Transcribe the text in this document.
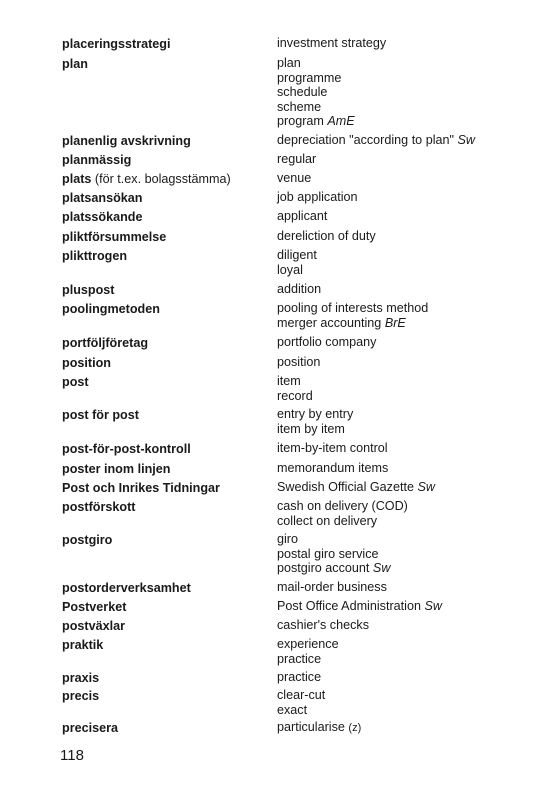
placeringsstrategi	investment strategy
plan	plan
programme
schedule
scheme
program AmE
planenlig avskrivning	depreciation "according to plan" Sw
planmässig	regular
plats (för t.ex. bolagsstämma)	venue
platsansökan	job application
platssökande	applicant
pliktförsummelse	dereliction of duty
plikttrogen	diligent
loyal
pluspost	addition
poolingmetoden	pooling of interests method
merger accounting BrE
portföljföretag	portfolio company
position	position
post	item
record
post för post	entry by entry
item by item
post-för-post-kontroll	item-by-item control
poster inom linjen	memorandum items
Post och Inrikes Tidningar	Swedish Official Gazette Sw
postförskott	cash on delivery (COD)
collect on delivery
postgiro	giro
postal giro service
postgiro account Sw
postorderverksamhet	mail-order business
Postverket	Post Office Administration Sw
postväxlar	cashier's checks
praktik	experience
practice
praxis	practice
precis	clear-cut
exact
precisera	particularise (z)
118
